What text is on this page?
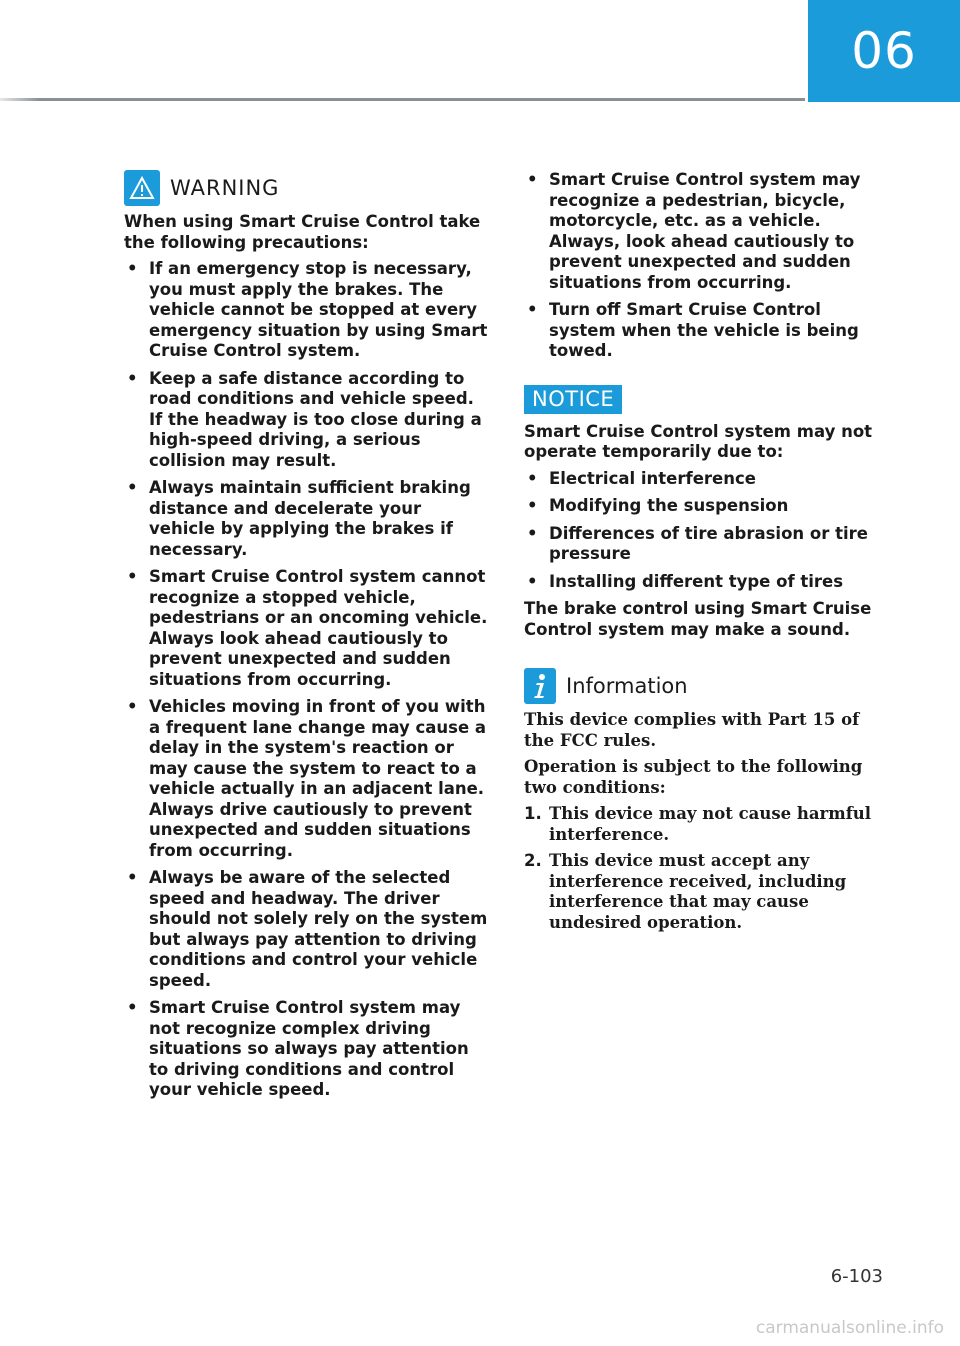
06
WARNING

When using Smart Cruise Control take the following precautions:

• If an emergency stop is necessary, you must apply the brakes. The vehicle cannot be stopped at every emergency situation by using Smart Cruise Control system.
• Keep a safe distance according to road conditions and vehicle speed. If the headway is too close during a high-speed driving, a serious collision may result.
• Always maintain sufficient braking distance and decelerate your vehicle by applying the brakes if necessary.
• Smart Cruise Control system cannot recognize a stopped vehicle, pedestrians or an oncoming vehicle. Always look ahead cautiously to prevent unexpected and sudden situations from occurring.
• Vehicles moving in front of you with a frequent lane change may cause a delay in the system's reaction or may cause the system to react to a vehicle actually in an adjacent lane. Always drive cautiously to prevent unexpected and sudden situations from occurring.
• Always be aware of the selected speed and headway. The driver should not solely rely on the system but always pay attention to driving conditions and control your vehicle speed.
• Smart Cruise Control system may not recognize complex driving situations so always pay attention to driving conditions and control your vehicle speed.
• Smart Cruise Control system may recognize a pedestrian, bicycle, motorcycle, etc. as a vehicle. Always, look ahead cautiously to prevent unexpected and sudden situations from occurring.
• Turn off Smart Cruise Control system when the vehicle is being towed.
NOTICE

Smart Cruise Control system may not operate temporarily due to:

• Electrical interference
• Modifying the suspension
• Differences of tire abrasion or tire pressure
• Installing different type of tires

The brake control using Smart Cruise Control system may make a sound.

Information

This device complies with Part 15 of the FCC rules.

Operation is subject to the following two conditions:

1. This device may not cause harmful interference.
2. This device must accept any interference received, including interference that may cause undesired operation.
6-103
carmanualsonline.info
